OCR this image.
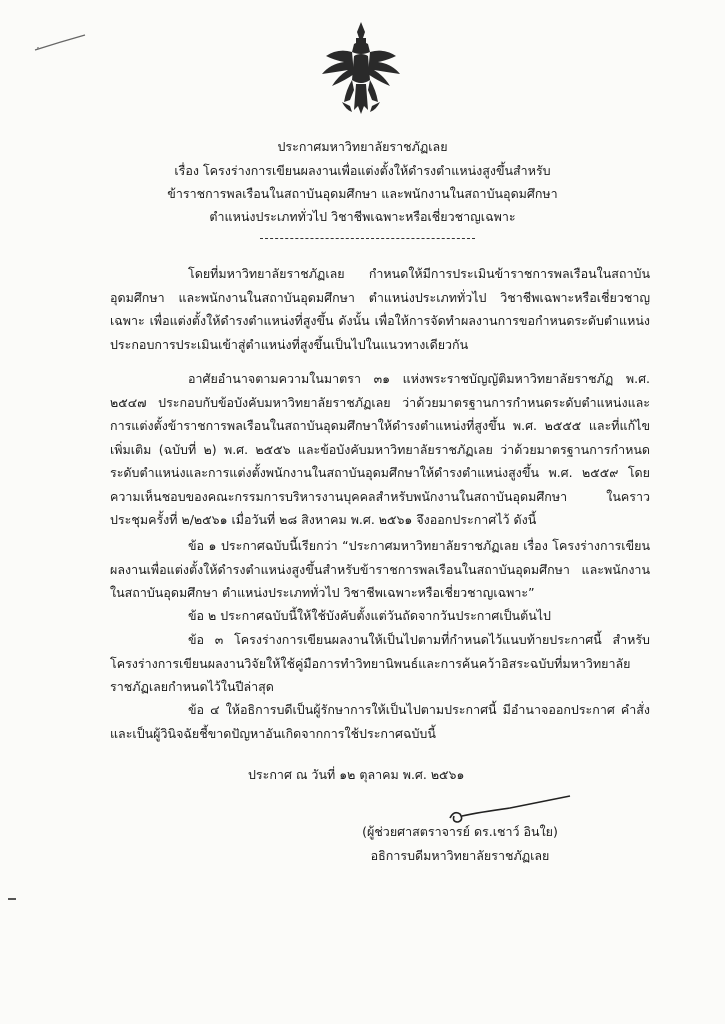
ประกาศมหาวิทยาลัยราชภัฏเลย
เรื่อง โครงร่างการเขียนผลงานเพื่อแต่งตั้งให้ดำรงตำแหน่งสูงขึ้นสำหรับ
ข้าราชการพลเรือนในสถาบันอุดมศึกษา และพนักงานในสถาบันอุดมศึกษา
ตำแหน่งประเภททั่วไป วิชาชีพเฉพาะหรือเชี่ยวชาญเฉพาะ
โดยที่มหาวิทยาลัยราชภัฏเลย กำหนดให้มีการประเมินข้าราชการพลเรือนในสถาบันอุดมศึกษา และพนักงานในสถาบันอุดมศึกษา ตำแหน่งประเภททั่วไป วิชาชีพเฉพาะหรือเชี่ยวชาญเฉพาะ เพื่อแต่งตั้งให้ดำรงตำแหน่งที่สูงขึ้น ดังนั้น เพื่อให้การจัดทำผลงานการขอกำหนดระดับตำแหน่งประกอบการประเมินเข้าสู่ตำแหน่งที่สูงขึ้นเป็นไปในแนวทางเดียวกัน
อาศัยอำนาจตามความในมาตรา ๓๑ แห่งพระราชบัญญัติมหาวิทยาลัยราชภัฏ พ.ศ. ๒๕๔๗ ประกอบกับข้อบังคับมหาวิทยาลัยราชภัฏเลย ว่าด้วยมาตรฐานการกำหนดระดับตำแหน่งและการแต่งตั้งข้าราชการพลเรือนในสถาบันอุดมศึกษาให้ดำรงตำแหน่งที่สูงขึ้น พ.ศ. ๒๕๕๕ และที่แก้ไขเพิ่มเติม (ฉบับที่ ๒) พ.ศ. ๒๕๕๖ และข้อบังคับมหาวิทยาลัยราชภัฏเลย ว่าด้วยมาตรฐานการกำหนดระดับตำแหน่งและการแต่งตั้งพนักงานในสถาบันอุดมศึกษาให้ดำรงตำแหน่งสูงขึ้น พ.ศ. ๒๕๕๙ โดยความเห็นชอบของคณะกรรมการบริหารงานบุคคลสำหรับพนักงานในสถาบันอุดมศึกษา ในคราวประชุมครั้งที่ ๒/๒๕๖๑ เมื่อวันที่ ๒๘ สิงหาคม พ.ศ. ๒๕๖๑ จึงออกประกาศไว้ ดังนี้
ข้อ ๑ ประกาศฉบับนี้เรียกว่า “ประกาศมหาวิทยาลัยราชภัฏเลย เรื่อง โครงร่างการเขียนผลงานเพื่อแต่งตั้งให้ดำรงตำแหน่งสูงขึ้นสำหรับข้าราชการพลเรือนในสถาบันอุดมศึกษา และพนักงานในสถาบันอุดมศึกษา ตำแหน่งประเภททั่วไป วิชาชีพเฉพาะหรือเชี่ยวชาญเฉพาะ”
ข้อ ๒ ประกาศฉบับนี้ให้ใช้บังคับตั้งแต่วันถัดจากวันประกาศเป็นต้นไป
ข้อ ๓ โครงร่างการเขียนผลงานให้เป็นไปตามที่กำหนดไว้แนบท้ายประกาศนี้ สำหรับโครงร่างการเขียนผลงานวิจัยให้ใช้คู่มือการทำวิทยานิพนธ์และการค้นคว้าอิสระฉบับที่มหาวิทยาลัยราชภัฏเลยกำหนดไว้ในปีล่าสุด
ข้อ ๔ ให้อธิการบดีเป็นผู้รักษาการให้เป็นไปตามประกาศนี้ มีอำนาจออกประกาศ คำสั่ง และเป็นผู้วินิจฉัยชี้ขาดปัญหาอันเกิดจากการใช้ประกาศฉบับนี้
ประกาศ ณ วันที่ ๑๒ ตุลาคม พ.ศ. ๒๕๖๑
(ผู้ช่วยศาสตราจารย์ ดร.เชาว์ อินใย)
อธิการบดีมหาวิทยาลัยราชภัฏเลย
